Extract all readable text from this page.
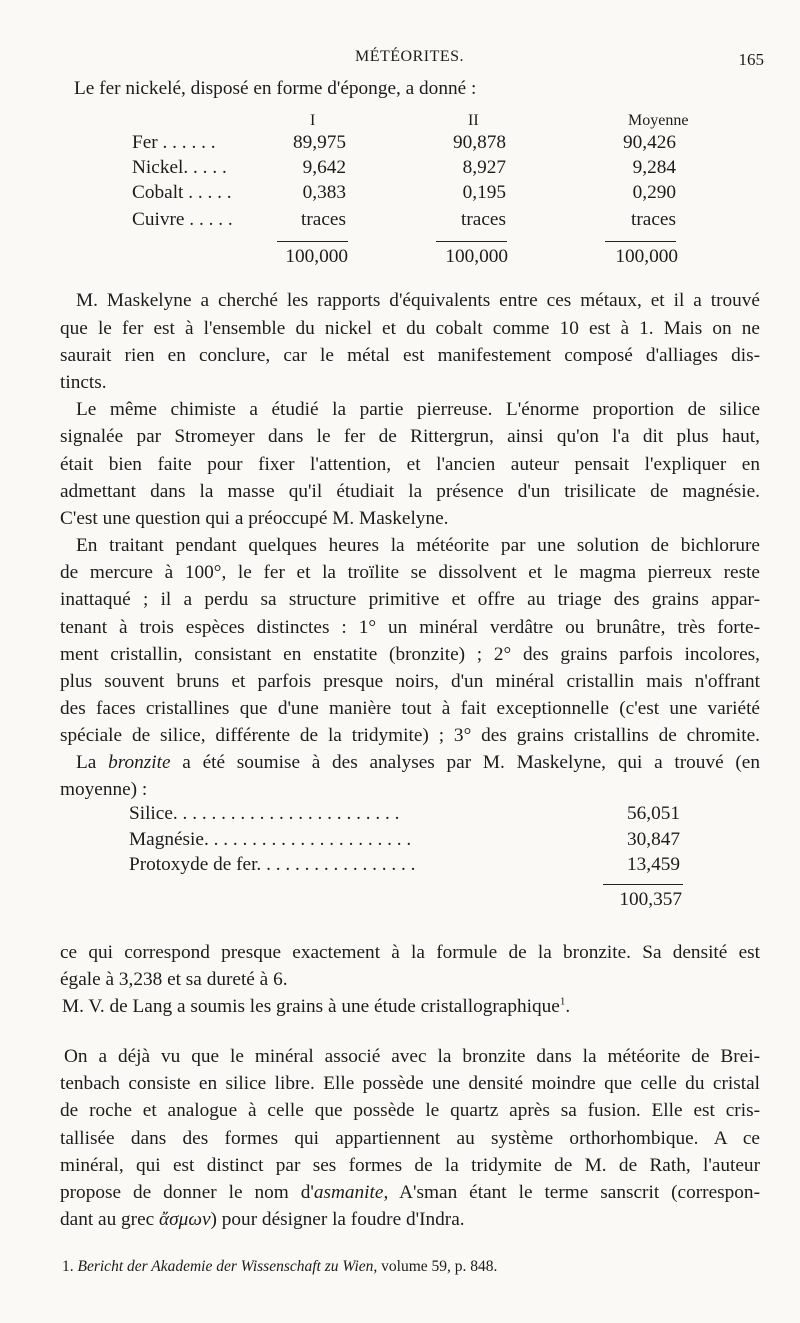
MÉTÉORITES.	165
Le fer nickelé, disposé en forme d'éponge, a donné :
I	II	Moyenne
Fer . . . . . .	89,975	90,878	90,426
Nickel. . . . .	9,642	8,927	9,284
Cobalt . . . . .	0,383	0,195	0,290
Cuivre . . . . .	traces	traces	traces
100,000	100,000	100,000
M. Maskelyne a cherché les rapports d'équivalents entre ces métaux, et il a trouvé
que le fer est à l'ensemble du nickel et du cobalt comme 10 est à 1. Mais on ne
saurait rien en conclure, car le métal est manifestement composé d'alliages dis-
tincts.
Le même chimiste a étudié la partie pierreuse. L'énorme proportion de silice
signalée par Stromeyer dans le fer de Rittergrun, ainsi qu'on l'a dit plus haut,
était bien faite pour fixer l'attention, et l'ancien auteur pensait l'expliquer en
admettant dans la masse qu'il étudiait la présence d'un trisilicate de magnésie.
C'est une question qui a préoccupé M. Maskelyne.
En traitant pendant quelques heures la météorite par une solution de bichlorure
de mercure à 100°, le fer et la troïlite se dissolvent et le magma pierreux reste
inattaqué ; il a perdu sa structure primitive et offre au triage des grains appar-
tenant à trois espèces distinctes : 1° un minéral verdâtre ou brunâtre, très forte-
ment cristallin, consistant en enstatite (bronzite) ; 2° des grains parfois incolores,
plus souvent bruns et parfois presque noirs, d'un minéral cristallin mais n'offrant
des faces cristallines que d'une manière tout à fait exceptionnelle (c'est une variété
spéciale de silice, différente de la tridymite) ; 3° des grains cristallins de chromite.
La bronzite a été soumise à des analyses par M. Maskelyne, qui a trouvé (en
moyenne) :
Silice. . . . . . . . . . . . . . . . . . . . . . . .	56,051
Magnésie. . . . . . . . . . . . . . . . . . . . . .	30,847
Protoxyde de fer. . . . . . . . . . . . . . . . .	13,459
100,357
ce qui correspond presque exactement à la formule de la bronzite. Sa densité est
égale à 3,238 et sa dureté à 6.
M. V. de Lang a soumis les grains à une étude cristallographique$^1$.
On a déjà vu que le minéral associé avec la bronzite dans la météorite de Brei-
tenbach consiste en silice libre. Elle possède une densité moindre que celle du cristal
de roche et analogue à celle que possède le quartz après sa fusion. Elle est cris-
tallisée dans des formes qui appartiennent au système orthorhombique. A ce
minéral, qui est distinct par ses formes de la tridymite de M. de Rath, l'auteur
propose de donner le nom d'asmanite, A'sman étant le terme sanscrit (correspon-
dant au grec ἄσμων) pour désigner la foudre d'Indra.
1. Bericht der Akademie der Wissenschaft zu Wien, volume 59, p. 848.
